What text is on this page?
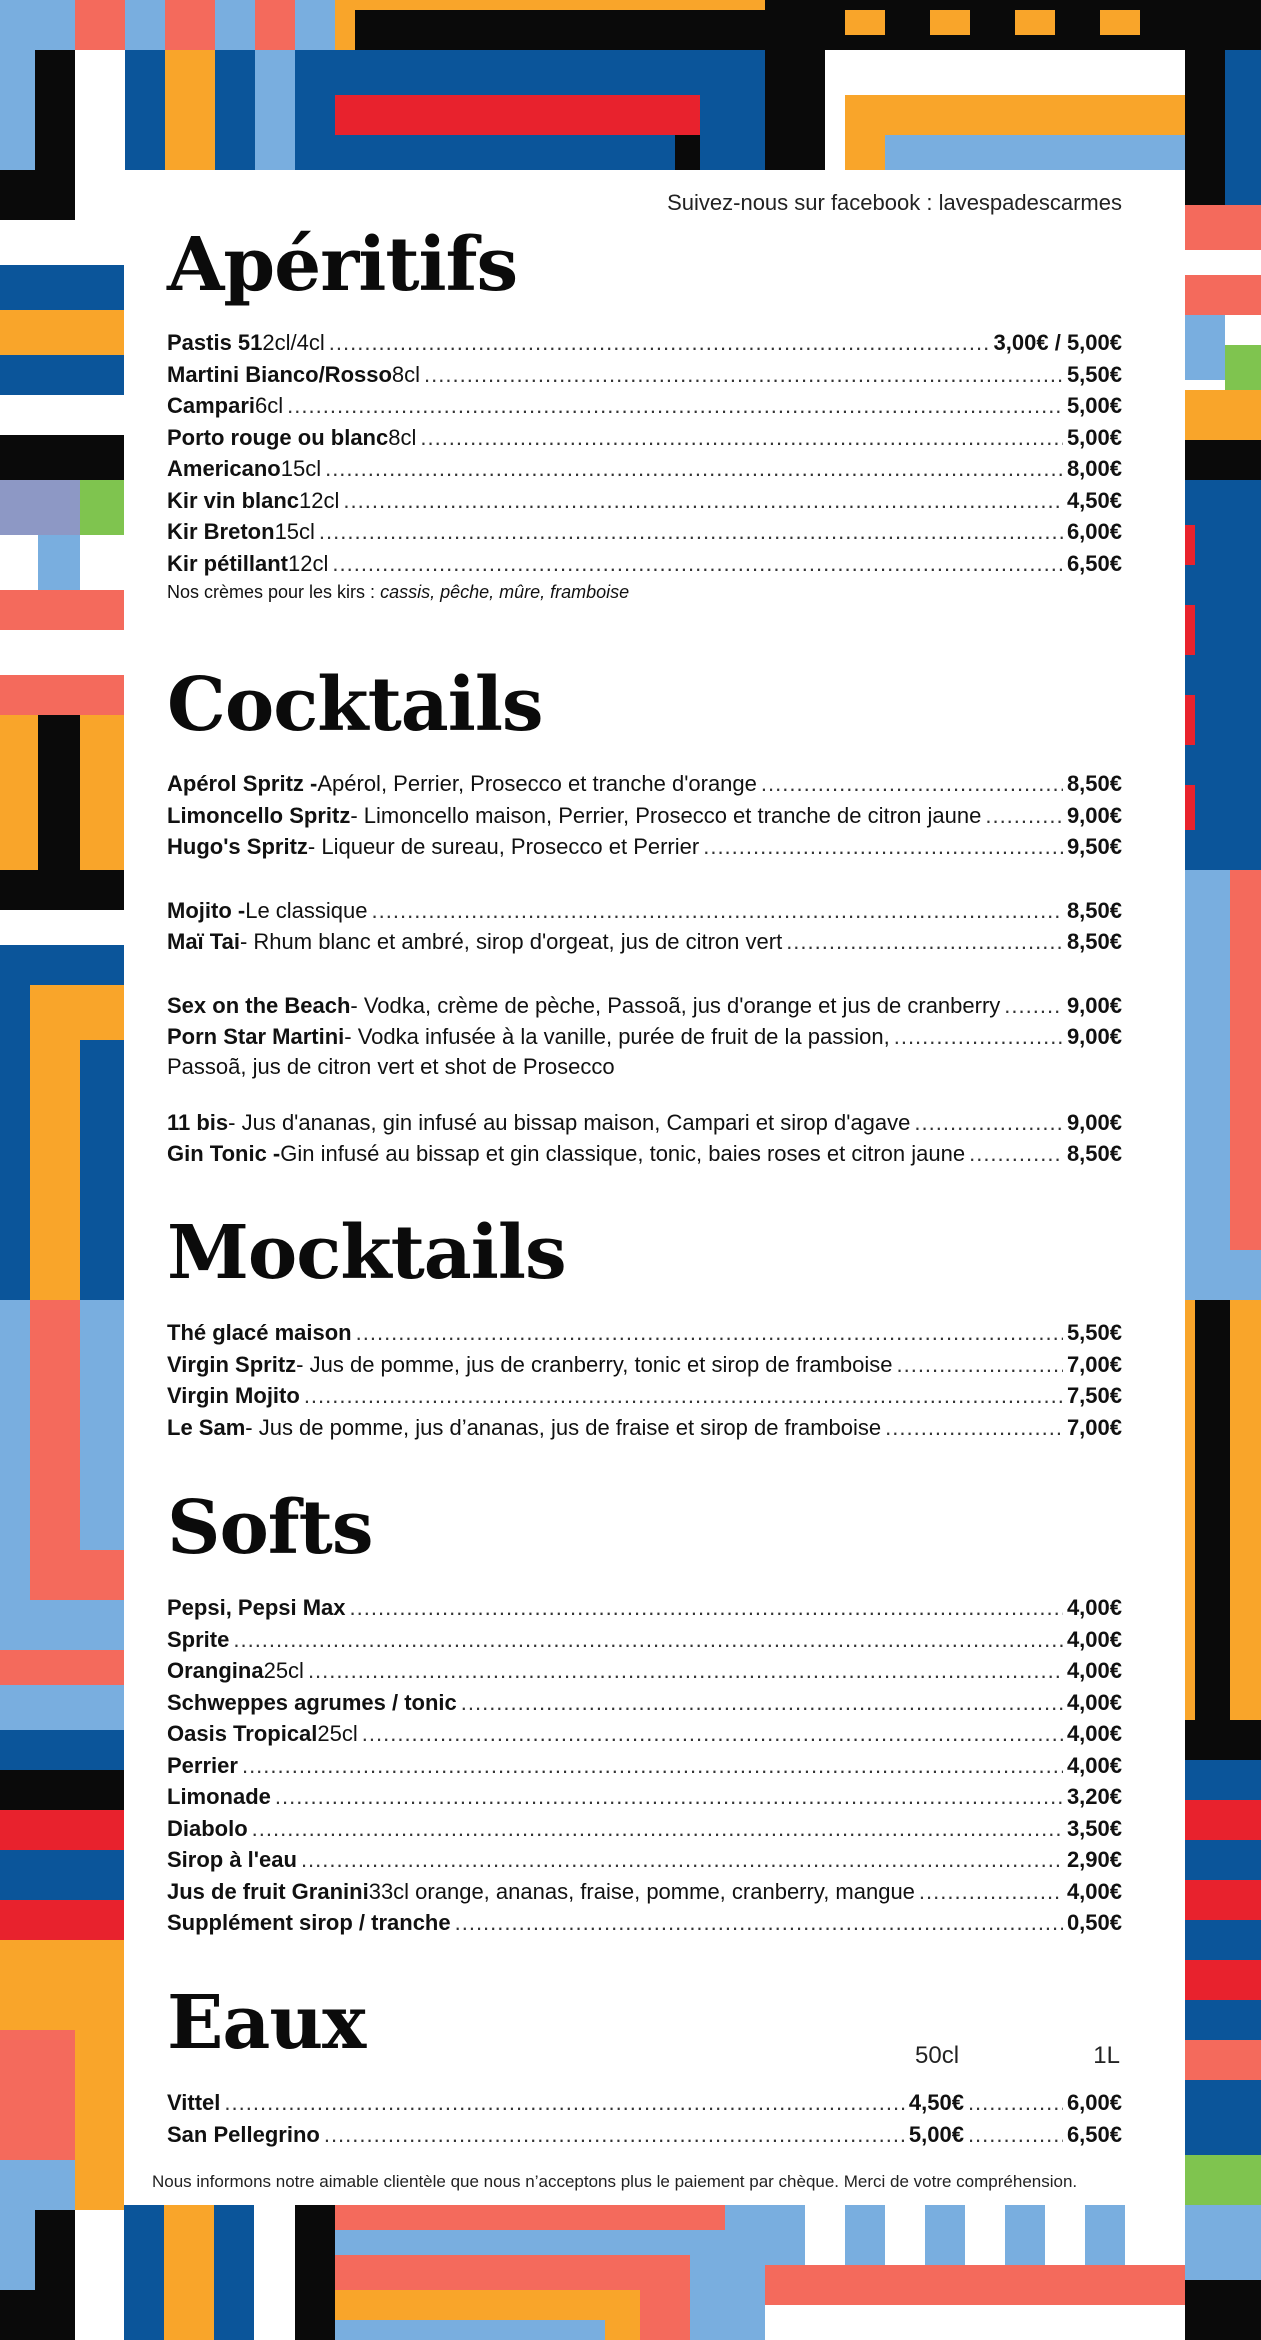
Suivez-nous sur facebook : lavespadescarmes
Apéritifs
Pastis 51 2cl/4cl .....	3,00€ / 5,00€
Martini Bianco/Rosso 8cl .....	5,50€
Campari 6cl .....	5,00€
Porto rouge ou blanc 8cl .....	5,00€
Americano 15cl .....	8,00€
Kir vin blanc 12cl .....	4,50€
Kir Breton 15cl .....	6,00€
Kir pétillant 12cl .....	6,50€
Nos crèmes pour les kirs : cassis, pêche, mûre, framboise
Cocktails
Apérol Spritz - Apérol, Perrier, Prosecco et tranche d'orange .....	8,50€
Limoncello Spritz - Limoncello maison, Perrier, Prosecco et tranche de citron jaune .....	9,00€
Hugo's Spritz - Liqueur de sureau, Prosecco et Perrier .....	9,50€
Mojito - Le classique .....	8,50€
Maï Tai - Rhum blanc et ambré, sirop d'orgeat, jus de citron vert .....	8,50€
Sex on the Beach - Vodka, crème de pèche, Passoã, jus d'orange et jus de cranberry .....	9,00€
Porn Star Martini - Vodka infusée à la vanille, purée de fruit de la passion, .....	9,00€
Passoã, jus de citron vert et shot de Prosecco
11 bis - Jus d'ananas, gin infusé au bissap maison, Campari et sirop d'agave .....	9,00€
Gin Tonic - Gin infusé au bissap et gin classique, tonic, baies roses et citron jaune .....	8,50€
Mocktails
Thé glacé maison .....	5,50€
Virgin Spritz - Jus de pomme, jus de cranberry, tonic et sirop de framboise .....	7,00€
Virgin Mojito .....	7,50€
Le Sam - Jus de pomme, jus d’ananas, jus de fraise et sirop de framboise .....	7,00€
Softs
Pepsi, Pepsi Max .....	4,00€
Sprite .....	4,00€
Orangina 25cl .....	4,00€
Schweppes agrumes / tonic .....	4,00€
Oasis Tropical 25cl .....	4,00€
Perrier .....	4,00€
Limonade .....	3,20€
Diabolo .....	3,50€
Sirop à l'eau .....	2,90€
Jus de fruit Granini 33cl orange, ananas, fraise, pomme, cranberry, mangue .....	4,00€
Supplément sirop / tranche .....	0,50€
Eaux	50cl	1L
Vittel .....	4,50€ .....	6,00€
San Pellegrino .....	5,00€ .....	6,50€
Nous informons notre aimable clientèle que nous n’acceptons plus le paiement par chèque. Merci de votre compréhension.
